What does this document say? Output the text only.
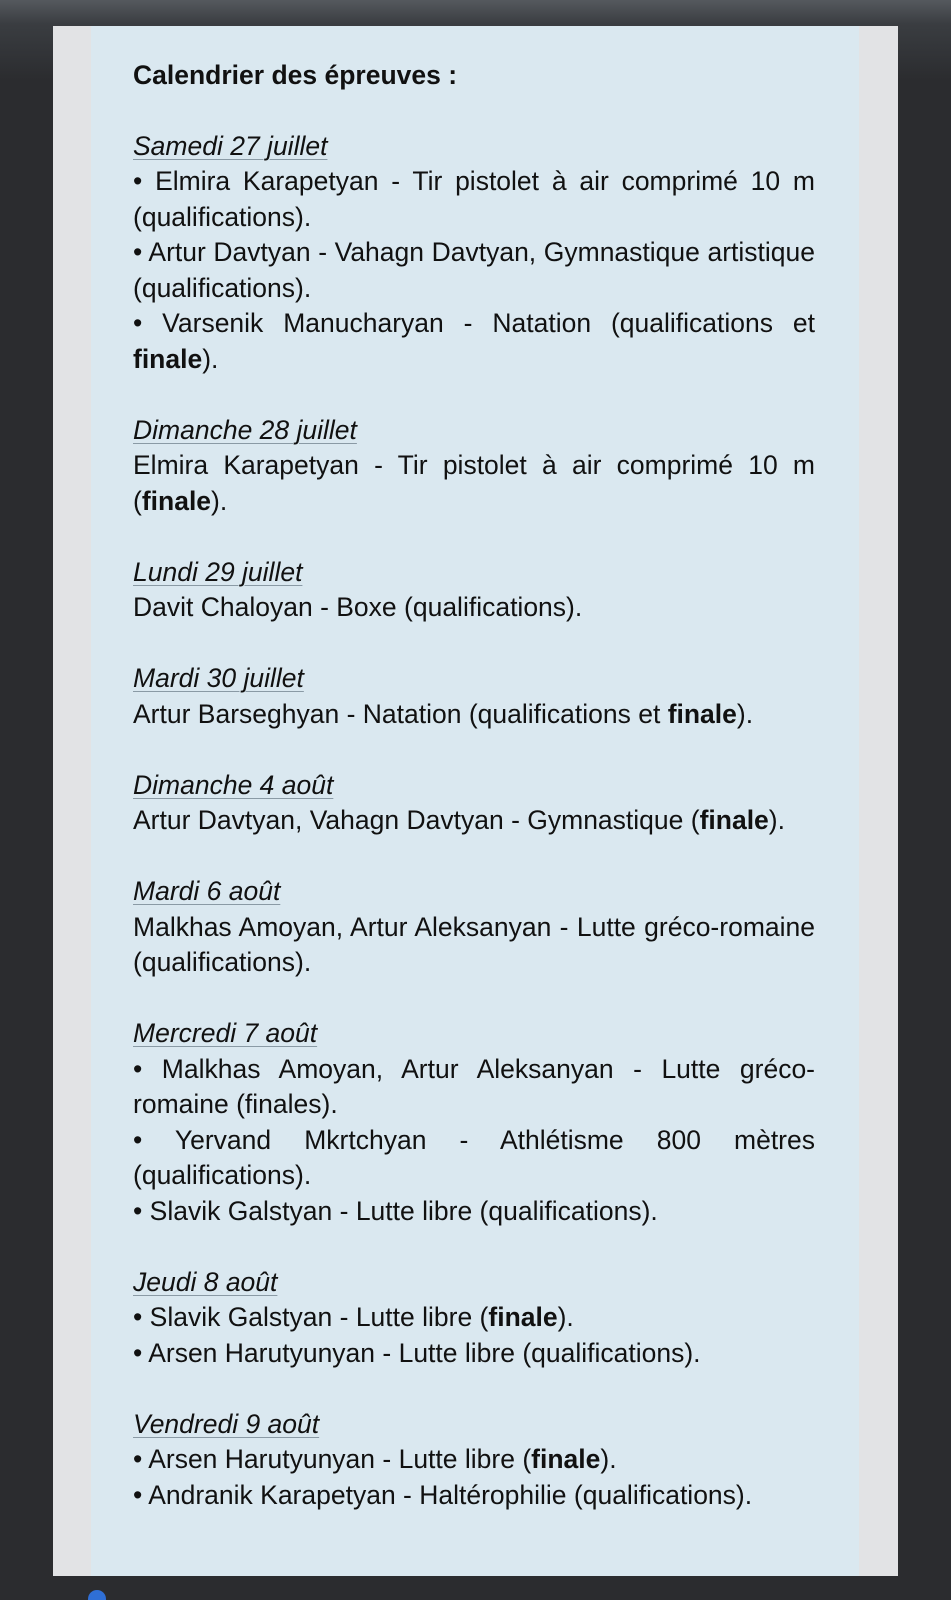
Calendrier des épreuves :
Samedi 27 juillet

• Elmira Karapetyan - Tir pistolet à air comprimé 10 m (qualifications).

• Artur Davtyan - Vahagn Davtyan, Gymnastique artistique (qualifications).

• Varsenik Manucharyan - Natation (qualifications et finale).

Dimanche 28 juillet

Elmira Karapetyan - Tir pistolet à air comprimé 10 m (finale).

Lundi 29 juillet

Davit Chaloyan - Boxe (qualifications).

Mardi 30 juillet

Artur Barseghyan - Natation (qualifications et finale).

Dimanche 4 août

Artur Davtyan, Vahagn Davtyan - Gymnastique (finale).

Mardi 6 août

Malkhas Amoyan, Artur Aleksanyan - Lutte gréco-romaine (qualifications).

Mercredi 7 août

• Malkhas Amoyan, Artur Aleksanyan - Lutte gréco-romaine (finales).

• Yervand Mkrtchyan - Athlétisme 800 mètres (qualifications).

• Slavik Galstyan - Lutte libre (qualifications).

Jeudi 8 août

• Slavik Galstyan - Lutte libre (finale).

• Arsen Harutyunyan - Lutte libre (qualifications).

Vendredi 9 août

• Arsen Harutyunyan - Lutte libre (finale).

• Andranik Karapetyan - Haltérophilie (qualifications).
